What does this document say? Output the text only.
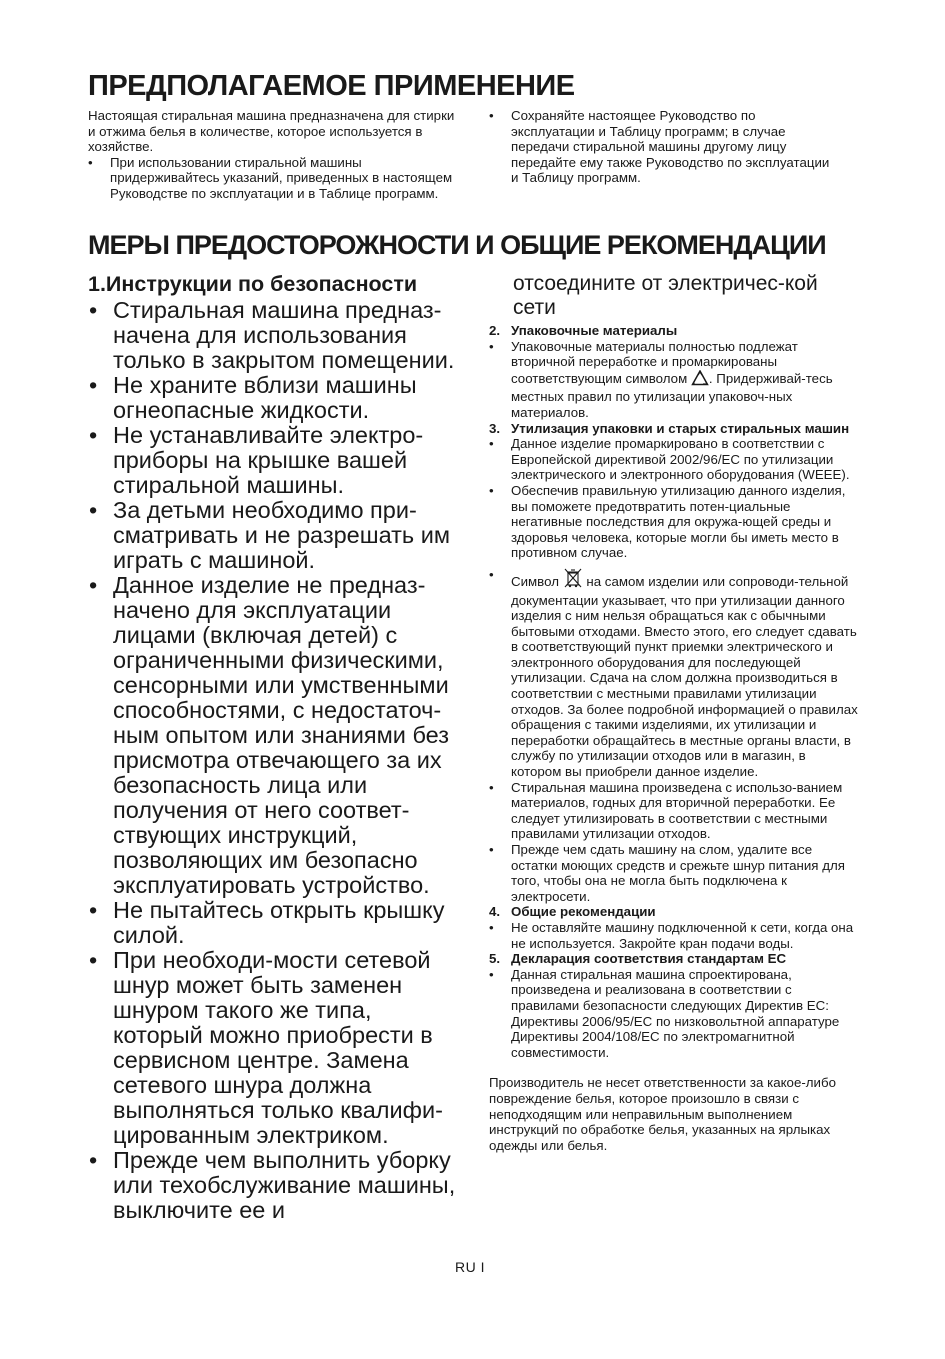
ПРЕДПОЛАГАЕМОЕ ПРИМЕНЕНИЕ

Настоящая стиральная машина предназначена для стирки и отжима белья в количестве, которое используется в хозяйстве.

• При использовании стиральной машины придерживайтесь указаний, приведенных в настоящем Руководстве по эксплуатации и в Таблице программ.
• Сохраняйте настоящее Руководство по эксплуатации и Таблицу программ; в случае передачи стиральной машины другому лицу передайте ему также Руководство по эксплуатации и Таблицу программ.
МЕРЫ ПРЕДОСТОРОЖНОСТИ И ОБЩИЕ РЕКОМЕНДАЦИИ

1.Инструкции по безопасности

• Стиральная машина предназ-начена для использования только в закрытом помещении.
• Не храните вблизи машины огнеопасные жидкости.
• Не устанавливайте электро-приборы на крышке вашей стиральной машины.
• За детьми необходимо при-сматривать и не разрешать им играть с машиной.
• Данное изделие не предназ-начено для эксплуатации лицами (включая детей) с ограниченными физическими, сенсорными или умственными способностями, с недостаточ-ным опытом или знаниями без присмотра отвечающего за их безопасность лица или получения от него соответ-ствующих инструкций, позволяющих им безопасно эксплуатировать устройство.
• Не пытайтесь открыть крышку силой.
• При необходи-мости сетевой шнур может быть заменен шнуром такого же типа, который можно приобрести в сервисном центре. Замена сетевого шнура должна выполняться только квалифи-цированным электриком.
• Прежде чем выполнить уборку или техобслуживание машины, выключите ее и

отсоедините от электричес-кой сети

2. Упаковочные материалы

• Упаковочные материалы полностью подлежат вторичной переработке и промаркированы соответствующим символом . Придерживай-тесь местных правил по утилизации упаковоч-ных материалов.

3. Утилизация упаковки и старых стиральных машин

• Данное изделие промаркировано в соответствии с Европейской директивой 2002/96/ЕС по утилизации электрического и электронного оборудования (WEEE).
• Обеспечив правильную утилизацию данного изделия, вы поможете предотвратить потен-циальные негативные последствия для окружа-ющей среды и здоровья человека, которые могли бы иметь место в противном случае.
• Символ на самом изделии или сопроводи-тельной документации указывает, что при утилизации данного изделия с ним нельзя обращаться как с обычными бытовыми отходами. Вместо этого, его следует сдавать в соответствующий пункт приемки электрического и электронного оборудования для последующей утилизации. Сдача на слом должна производиться в соответствии с местными правилами утилизации отходов. За более подробной информацией о правилах обращения с такими изделиями, их утилизации и переработки обращайтесь в местные органы власти, в службу по утилизации отходов или в магазин, в котором вы приобрели данное изделие.
• Стиральная машина произведена с использо-ванием материалов, годных для вторичной переработки. Ее следует утилизировать в соответствии с местными правилами утилизации отходов.
• Прежде чем сдать машину на слом, удалите все остатки моющих средств и срежьте шнур питания для того, чтобы она не могла быть подключена к электросети.

4. Общие рекомендации

• Не оставляйте машину подключенной к сети, когда она не используется. Закройте кран подачи воды.

5. Декларация соответствия стандартам ЕС

• Данная стиральная машина спроектирована, произведена и реализована в соответствии с правилами безопасности следующих Директив ЕС: Директивы 2006/95/ЕС по низковольтной аппаратуре Директивы 2004/108/ЕС по электромагнитной совместимости.

Производитель не несет ответственности за какое-либо повреждение белья, которое произошло в связи с неподходящим или неправильным выполнением инструкций по обработке белья, указанных на ярлыках одежды или белья.

RU I
